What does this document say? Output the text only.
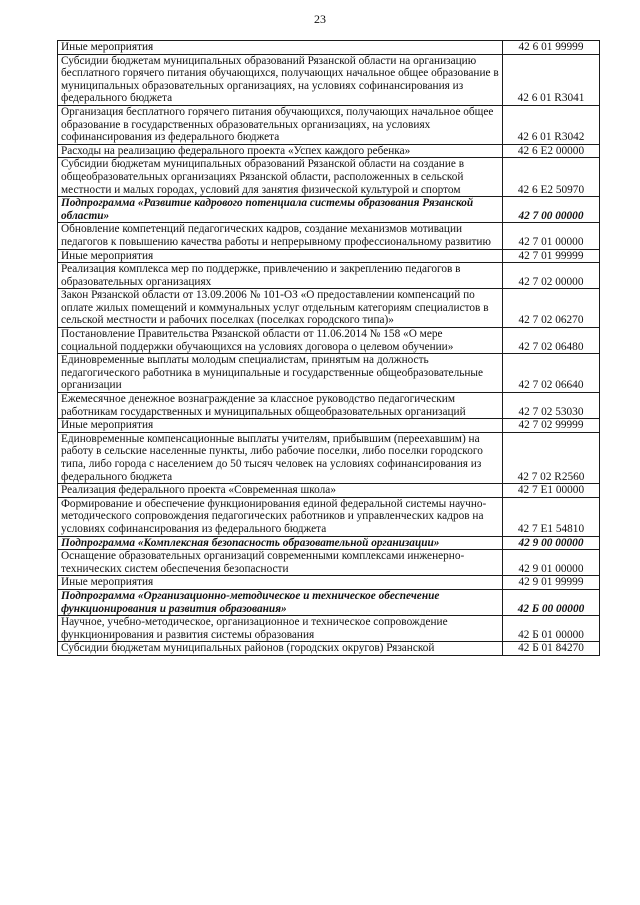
23
Иные мероприятия	42 6 01 99999

Субсидии бюджетам муниципальных образований Рязанской области на организацию бесплатного горячего питания обучающихся, получающих начальное общее образование в муниципальных образовательных организациях, на условиях софинансирования из федерального бюджета	42 6 01 R3041

Организация бесплатного горячего питания обучающихся, получающих начальное общее образование в государственных образовательных организациях, на условиях софинансирования из федерального бюджета	42 6 01 R3042

Расходы на реализацию федерального проекта «Успех каждого ребенка»	42 6 E2 00000

Субсидии бюджетам муниципальных образований Рязанской области на создание в общеобразовательных организациях Рязанской области, расположенных в сельской местности и малых городах, условий для занятия физической культурой и спортом	42 6 E2 50970

Подпрограмма «Развитие кадрового потенциала системы образования Рязанской области»	42 7 00 00000

Обновление компетенций педагогических кадров, создание механизмов мотивации педагогов к повышению качества работы и непрерывному профессиональному развитию	42 7 01 00000

Иные мероприятия	42 7 01 99999

Реализация комплекса мер по поддержке, привлечению и закреплению педагогов в образовательных организациях	42 7 02 00000

Закон Рязанской области от 13.09.2006 № 101-ОЗ «О предоставлении компенсаций по оплате жилых помещений и коммунальных услуг отдельным категориям специалистов в сельской местности и рабочих поселках (поселках городского типа)»	42 7 02 06270

Постановление Правительства Рязанской области от 11.06.2014 № 158 «О мере социальной поддержки обучающихся на условиях договора о целевом обучении»	42 7 02 06480

Единовременные выплаты молодым специалистам, принятым на должность педагогического работника в муниципальные и государственные общеобразовательные организации	42 7 02 06640

Ежемесячное денежное вознаграждение за классное руководство педагогическим работникам государственных и муниципальных общеобразовательных организаций	42 7 02 53030

Иные мероприятия	42 7 02 99999

Единовременные компенсационные выплаты учителям, прибывшим (переехавшим) на работу в сельские населенные пункты, либо рабочие поселки, либо поселки городского типа, либо города с населением до 50 тысяч человек на условиях софинансирования из федерального бюджета	42 7 02 R2560

Реализация федерального проекта «Современная школа»	42 7 E1 00000

Формирование и обеспечение функционирования единой федеральной системы научно-методического сопровождения педагогических работников и управленческих кадров на условиях софинансирования из федерального бюджета	42 7 E1 54810

Подпрограмма «Комплексная безопасность образовательной организации»	42 9 00 00000

Оснащение образовательных организаций современными комплексами инженерно-технических систем обеспечения безопасности	42 9 01 00000

Иные мероприятия	42 9 01 99999

Подпрограмма «Организационно-методическое и техническое обеспечение функционирования и развития образования»	42 Б 00 00000

Научное, учебно-методическое, организационное и техническое сопровождение функционирования и развития системы образования	42 Б 01 00000

Субсидии бюджетам муниципальных районов (городских округов) Рязанской	42 Б 01 84270
